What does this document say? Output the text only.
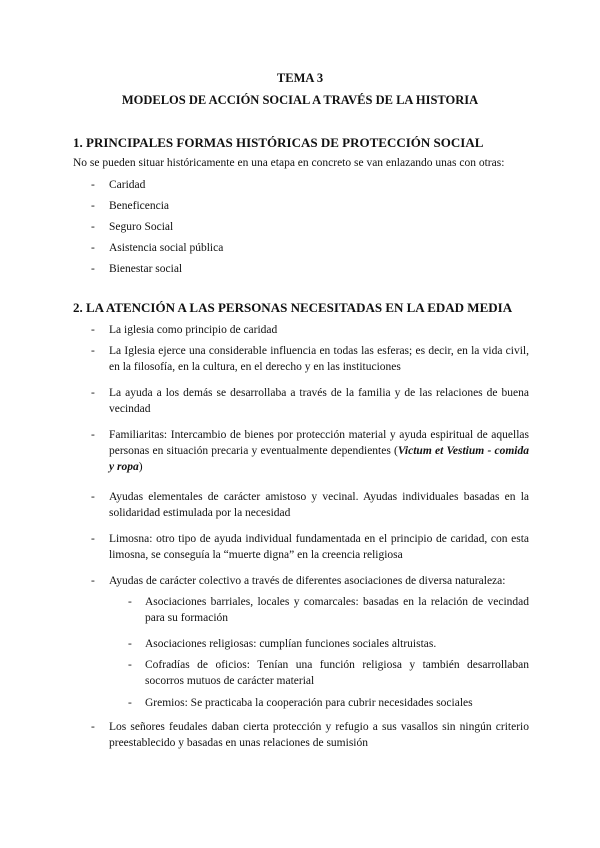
TEMA 3

MODELOS DE ACCIÓN SOCIAL A TRAVÉS DE LA HISTORIA

1. PRINCIPALES FORMAS HISTÓRICAS DE PROTECCIÓN SOCIAL

No se pueden situar históricamente en una etapa en concreto se van enlazando unas con otras:

- Caridad
- Beneficencia
- Seguro Social
- Asistencia social pública
- Bienestar social

2. LA ATENCIÓN A LAS PERSONAS NECESITADAS EN LA EDAD MEDIA

- La iglesia como principio de caridad
- La Iglesia ejerce una considerable influencia en todas las esferas; es decir, en la vida civil, en la filosofía, en la cultura, en el derecho y en las instituciones
- La ayuda a los demás se desarrollaba a través de la familia y de las relaciones de buena vecindad
- Familiaritas: Intercambio de bienes por protección material y ayuda espiritual de aquellas personas en situación precaria y eventualmente dependientes (Victum et Vestium - comida y ropa)
- Ayudas elementales de carácter amistoso y vecinal. Ayudas individuales basadas en la solidaridad estimulada por la necesidad
- Limosna: otro tipo de ayuda individual fundamentada en el principio de caridad, con esta limosna, se conseguía la “muerte digna” en la creencia religiosa
- Ayudas de carácter colectivo a través de diferentes asociaciones de diversa naturaleza:
- Asociaciones barriales, locales y comarcales: basadas en la relación de vecindad para su formación
- Asociaciones religiosas: cumplían funciones sociales altruistas.
- Cofradías de oficios: Tenían una función religiosa y también desarrollaban socorros mutuos de carácter material
- Gremios: Se practicaba la cooperación para cubrir necesidades sociales
- Los señores feudales daban cierta protección y refugio a sus vasallos sin ningún criterio preestablecido y basadas en unas relaciones de sumisión
